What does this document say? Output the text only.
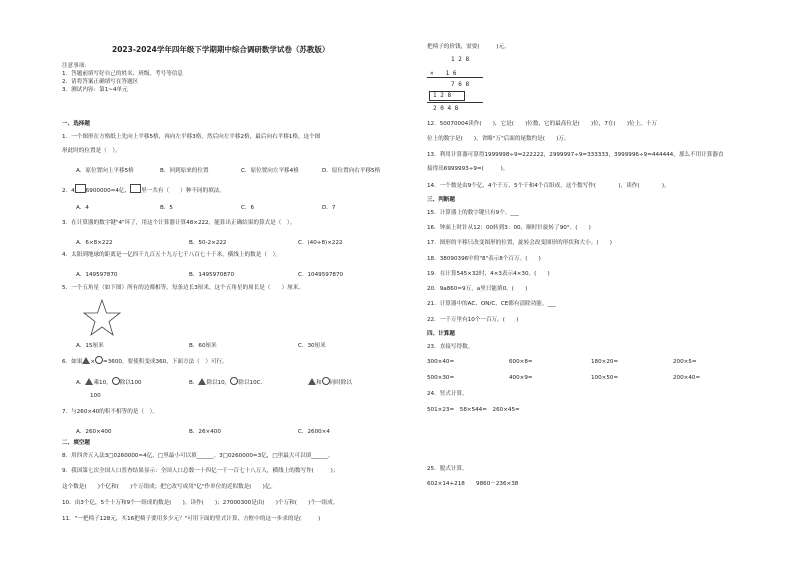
2023-2024学年四年级下学期期中综合调研数学试卷（苏教版）
注意事项：
1．答题前填写好自己的姓名、班级、考号等信息
2．请将答案正确填写在答题区
3．测试内容：第1~4单元
一、选择题
1．一个图形在方格纸上先向上平移5格，再向左平移3格，然后向左平移2格，最后向右平移1格，这个图
形此时的位置是（　）。
A．原位置向上平移5格	B．回到原来的位置	C．原位置向左平移4格	D．原位置向右平移5格
2．4 6900000≈4亿， 里一共有（　　）种不同的填法。
A．4	B．5	C．6	D．7
3．在计算器的数字键"4"坏了，用这个计算器计算48×222，能算出正确结果的算式是（　）。
A．6×8×222	B．50-2×222	C．(40+8)×222
4．太阳到地球的距离是一亿四千九百五十九万七千八百七十千米，横线上的数是（　）。
A．149597870	B．1495970870	C．1049597870
5．一个五角星（如下图）所有的边都相等，每条边长3厘米，这个五角星的周长是（　　）厘米。
A．15厘米	B．60厘米	C．30厘米
6．如果 × =3600，要使积变成360，下面方法（　）可行。
A． 乘10， 除以100	B． 除以10， 除以10C．	和 同时除以
100
7．与260×40的积不相等的是（　）。
A．260×400	B．26×400	C．2600×4
二、填空题
8．用四舍五入法3□0260000≈4亿，□里最小可以填______。3□0260000≈3亿，□里最大可以填______。
9．我国第七次全国人口普查结果显示：全国人口总数一十四亿一千一百七十八万人，横线上的数写作(　　　)；
这个数是(　　)个亿和(　　)个万组成；把它改写成用"亿"作单位的近似数是(　　)亿。
10．由3个亿，5个十万和9个一组成的数是(　　)，读作(　　)；27000300是由(　　)个万和(　　)个一组成。
11．"一把椅子128元，买16把椅子要用多少元？"可用下面的竖式计算，方框中的这一步求的是(　　　)
把椅子的价钱，需要(　　　)元。
1 2 8
×　　1 6
7 6 8
1 2 8
2 0 4 8
12．50070004读作(　　)，它是(　　)位数，它的最高位是(　　)位，7在(　　)位上，十万
位上的数字是(　　)，省略"万"后面的尾数约是(　　)万。
13．利用计算器可算得1999998÷9=222222，2999997÷9=333333，3999996÷9=444444，那么不用计算器直
接得出6999993÷9=(　　　)。
14．一个数是由9个亿、4个千万、5个千和4个百组成，这个数写作(　　　　)，读作(　　　　)。
三、判断题
15．计算器上的数字键只有9个。___
16．钟面上时针从12：00转到3：00，顺时针旋转了90°。(　　)
17．图形的平移只改变图形的位置，旋转会改变图形的形状和大小。(　　)
18．38090396中的"8"表示8个百万。(　　)
19．在计算545×32时，4×3表示4×30。(　　)
20．9a860≈9万，a里只能填0。(　　)
21．计算器中的AC、ON/C、CE都有清除功能。___
22．一千万里有10个一百万。(　　)
四、计算题
23．直接写得数。
300×40=	600×8=	180×20=	200×5=
500×30=	400×9=	100×50=	200×40=
24．竖式计算。
501×23=　58×544=　260×45=
25．脱式计算。
602×14+218　　9860－236×38
